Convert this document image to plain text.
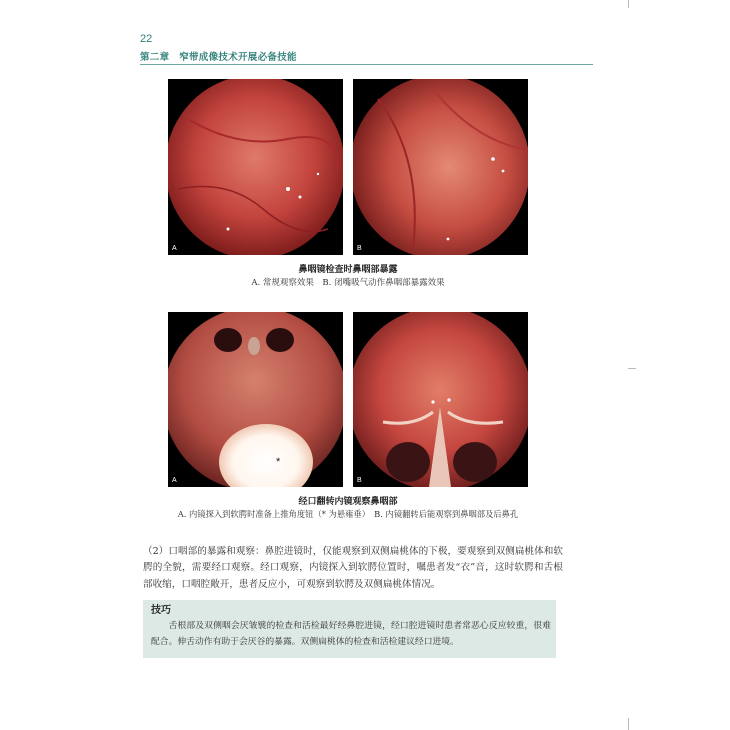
22
第二章　窄带成像技术开展必备技能
A	B
鼻咽镜检查时鼻咽部暴露
A. 常规观察效果　B. 闭嘴吸气动作鼻咽部暴露效果
A
*
B
经口翻转内镜观察鼻咽部
A. 内镜探入到软腭时准备上推角度钮（* 为悬雍垂）　B. 内镜翻转后能观察到鼻咽部及后鼻孔
（2）口咽部的暴露和观察：鼻腔进镜时，仅能观察到双侧扁桃体的下极，要观察到双侧扁桃体和软腭的全貌，需要经口观察。经口观察，内镜探入到软腭位置时，嘱患者发“衣”音，这时软腭和舌根部收缩，口咽腔敞开，患者反应小，可观察到软腭及双侧扁桃体情况。
技巧
舌根部及双侧咽会厌皱襞的检查和活检最好经鼻腔进镜，经口腔进镜时患者常恶心反应较重，很难配合。伸舌动作有助于会厌谷的暴露。双侧扁桃体的检查和活检建议经口进境。
